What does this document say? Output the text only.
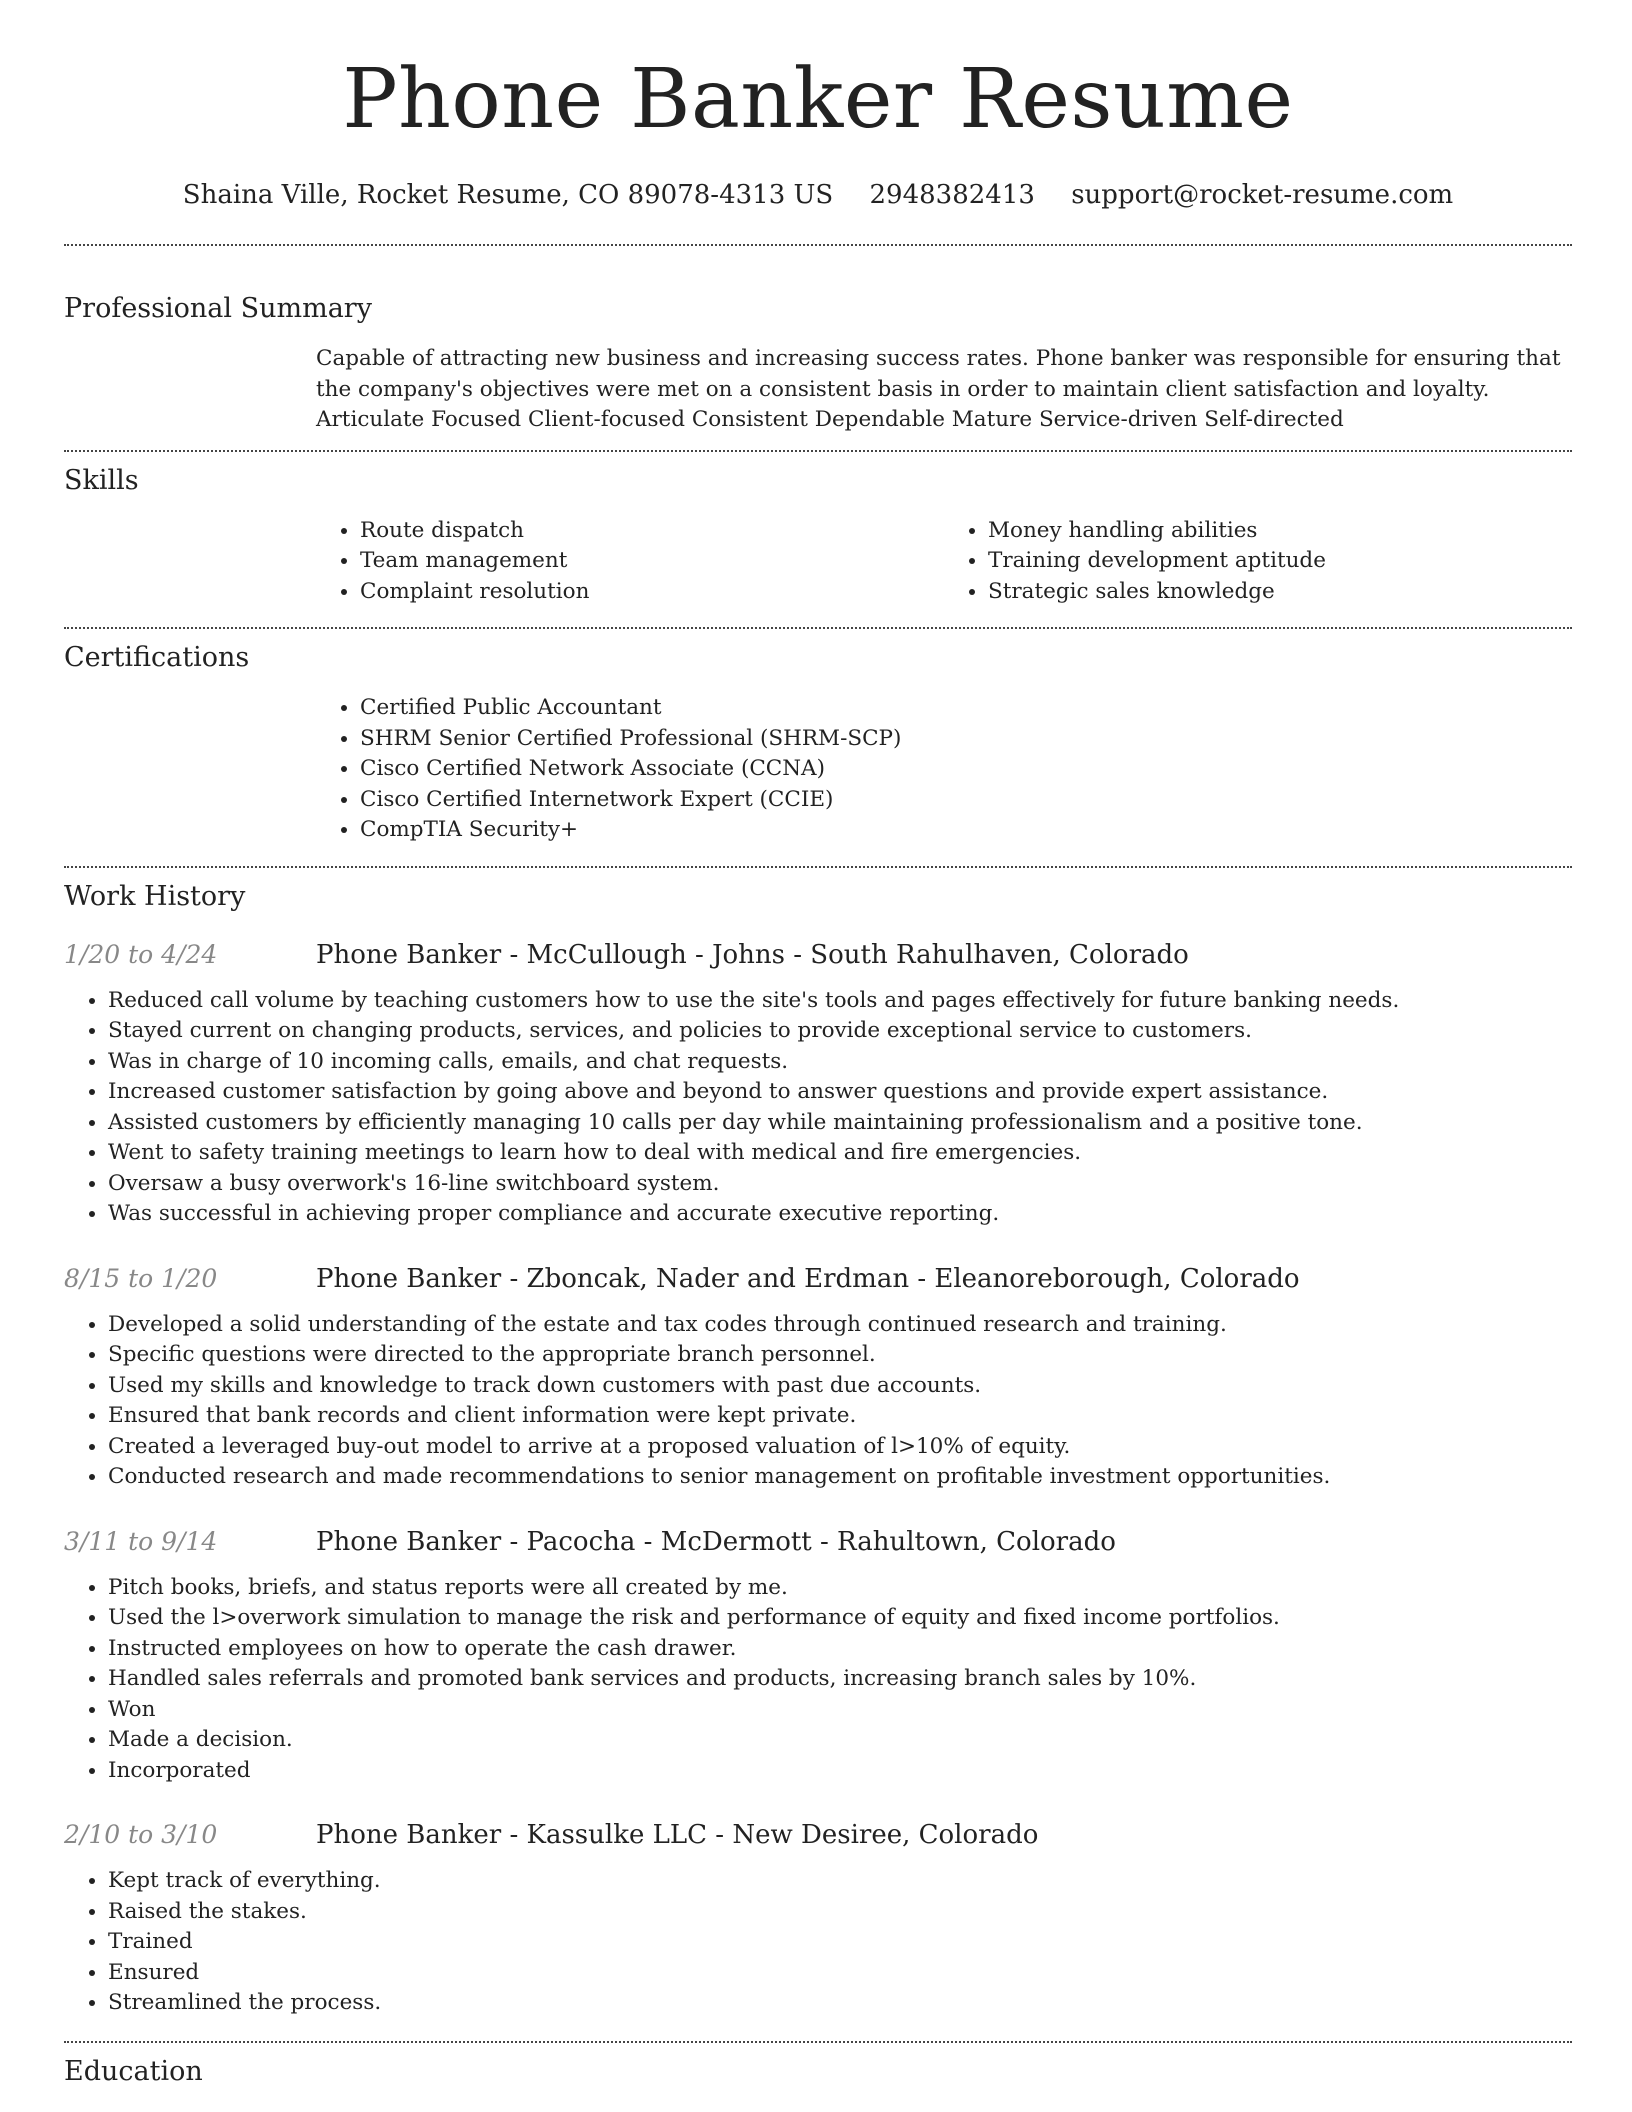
Phone Banker Resume
Shaina Ville, Rocket Resume, CO 89078-4313 US 2948382413 support@rocket-resume.com
Professional Summary

Capable of attracting new business and increasing success rates. Phone banker was responsible for ensuring that the company's objectives were met on a consistent basis in order to maintain client satisfaction and loyalty. Articulate Focused Client-focused Consistent Dependable Mature Service-driven Self-directed

Skills
• Route dispatch
• Team management
• Complaint resolution
• Money handling abilities
• Training development aptitude
• Strategic sales knowledge
Certifications
• Certified Public Accountant
• SHRM Senior Certified Professional (SHRM-SCP)
• Cisco Certified Network Associate (CCNA)
• Cisco Certified Internetwork Expert (CCIE)
• CompTIA Security+
Work History
1/20 to 4/24	Phone Banker - McCullough - Johns - South Rahulhaven, Colorado
• Reduced call volume by teaching customers how to use the site's tools and pages effectively for future banking needs.
• Stayed current on changing products, services, and policies to provide exceptional service to customers.
• Was in charge of 10 incoming calls, emails, and chat requests.
• Increased customer satisfaction by going above and beyond to answer questions and provide expert assistance.
• Assisted customers by efficiently managing 10 calls per day while maintaining professionalism and a positive tone.
• Went to safety training meetings to learn how to deal with medical and fire emergencies.
• Oversaw a busy overwork's 16-line switchboard system.
• Was successful in achieving proper compliance and accurate executive reporting.
8/15 to 1/20	Phone Banker - Zboncak, Nader and Erdman - Eleanoreborough, Colorado
• Developed a solid understanding of the estate and tax codes through continued research and training.
• Specific questions were directed to the appropriate branch personnel.
• Used my skills and knowledge to track down customers with past due accounts.
• Ensured that bank records and client information were kept private.
• Created a leveraged buy-out model to arrive at a proposed valuation of l>10% of equity.
• Conducted research and made recommendations to senior management on profitable investment opportunities.
3/11 to 9/14	Phone Banker - Pacocha - McDermott - Rahultown, Colorado
• Pitch books, briefs, and status reports were all created by me.
• Used the l>overwork simulation to manage the risk and performance of equity and fixed income portfolios.
• Instructed employees on how to operate the cash drawer.
• Handled sales referrals and promoted bank services and products, increasing branch sales by 10%.
• Won
• Made a decision.
• Incorporated
2/10 to 3/10	Phone Banker - Kassulke LLC - New Desiree, Colorado
• Kept track of everything.
• Raised the stakes.
• Trained
• Ensured
• Streamlined the process.
Education
